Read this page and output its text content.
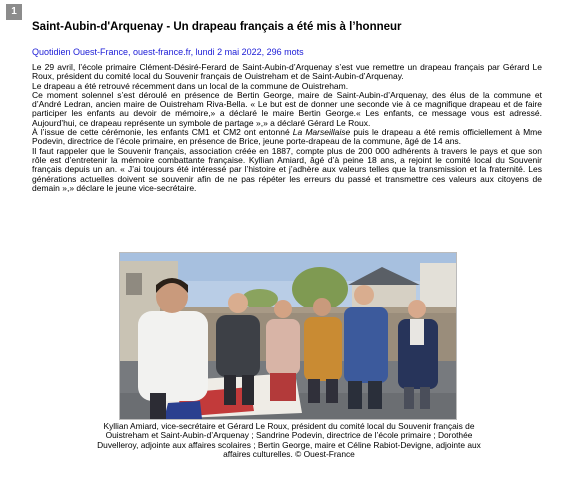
1
Saint-Aubin-d'Arquenay - Un drapeau français a été mis à l’honneur
Quotidien Ouest-France, ouest-france.fr, lundi 2 mai 2022, 296 mots

Le 29 avril, l’école primaire Clément-Désiré-Ferard de Saint-Aubin-d’Arquenay s’est vue remettre un drapeau français par Gérard Le Roux, président du comité local du Souvenir français de Ouistreham et de Saint-Aubin-d’Arquenay.

Le drapeau a été retrouvé récemment dans un local de la commune de Ouistreham.

Ce moment solennel s’est déroulé en présence de Bertin George, maire de Saint-Aubin-d’Arquenay, des élus de la commune et d’André Ledran, ancien maire de Ouistreham Riva-Bella. « Le but est de donner une seconde vie à ce magnifique drapeau et de faire participer les enfants au devoir de mémoire,» a déclaré le maire Bertin George.« Les enfants, ce message vous est adressé. Aujourd’hui, ce drapeau représente un symbole de partage »,» a déclaré Gérard Le Roux.

À l’issue de cette cérémonie, les enfants CM1 et CM2 ont entonné La Marseillaise puis le drapeau a été remis officiellement à Mme Podevin, directrice de l’école primaire, en présence de Brice, jeune porte-drapeau de la commune, âgé de 14 ans.

Il faut rappeler que le Souvenir français, association créée en 1887, compte plus de 200 000 adhérents à travers le pays et que son rôle est d’entretenir la mémoire combattante française. Kyllian Amiard, âgé d’à peine 18 ans, a rejoint le comité local du Souvenir français depuis un an. « J’ai toujours été intéressé par l’histoire et j’adhère aux valeurs telles que la transmission et la fraternité. Les générations actuelles doivent se souvenir afin de ne pas répéter les erreurs du passé et transmettre ces valeurs aux citoyens de demain »,» déclare le jeune vice-secrétaire.

Kyllian Amiard, vice-secrétaire et Gérard Le Roux, président du comité local du Souvenir français de Ouistreham et Saint-Aubin-d’Arquenay ; Sandrine Podevin, directrice de l’école primaire ; Dorothée Duvelleroy, adjointe aux affaires scolaires ; Bertin George, maire et Céline Rabiot-Devigne, adjointe aux affaires culturelles. © Ouest-France
